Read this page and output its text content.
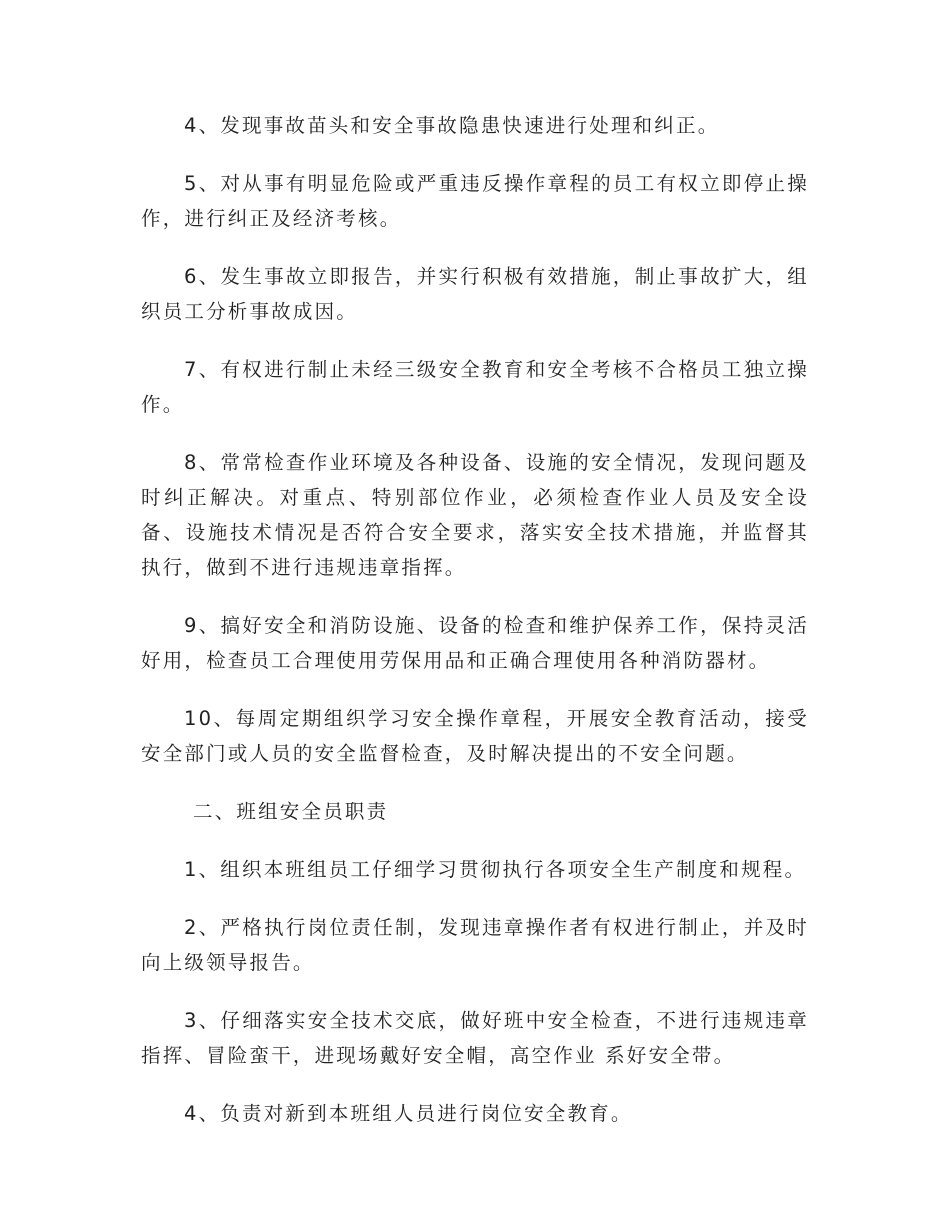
4、发现事故苗头和安全事故隐患快速进行处理和纠正。

5、对从事有明显危险或严重违反操作章程的员工有权立即停止操作，进行纠正及经济考核。

6、发生事故立即报告，并实行积极有效措施，制止事故扩大，组织员工分析事故成因。

7、有权进行制止未经三级安全教育和安全考核不合格员工独立操作。

8、常常检查作业环境及各种设备、设施的安全情况，发现问题及时纠正解决。对重点、特别部位作业，必须检查作业人员及安全设备、设施技术情况是否符合安全要求，落实安全技术措施，并监督其执行，做到不进行违规违章指挥。

9、搞好安全和消防设施、设备的检查和维护保养工作，保持灵活好用，检查员工合理使用劳保用品和正确合理使用各种消防器材。

10、每周定期组织学习安全操作章程，开展安全教育活动，接受安全部门或人员的安全监督检查，及时解决提出的不安全问题。

二、班组安全员职责

1、组织本班组员工仔细学习贯彻执行各项安全生产制度和规程。

2、严格执行岗位责任制，发现违章操作者有权进行制止，并及时向上级领导报告。

3、仔细落实安全技术交底，做好班中安全检查，不进行违规违章指挥、冒险蛮干，进现场戴好安全帽，高空作业 系好安全带。

4、负责对新到本班组人员进行岗位安全教育。
